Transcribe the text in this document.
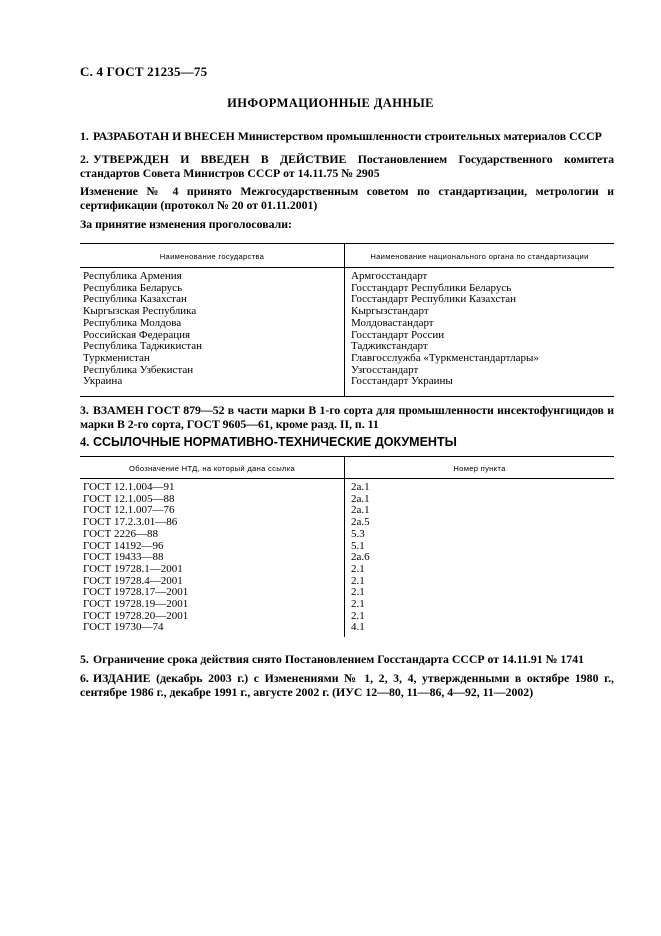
С. 4 ГОСТ 21235—75
ИНФОРМАЦИОННЫЕ ДАННЫЕ
1. РАЗРАБОТАН И ВНЕСЕН Министерством промышленности строительных материалов СССР
2. УТВЕРЖДЕН И ВВЕДЕН В ДЕЙСТВИЕ Постановлением Государственного комитета стандартов Совета Министров СССР от 14.11.75 № 2905
Изменение № 4 принято Межгосударственным советом по стандартизации, метрологии и сертификации (протокол № 20 от 01.11.2001)
За принятие изменения проголосовали:
Наименование государства	Наименование национального органа по стандартизации
Республика Армения
Республика Беларусь
Республика Казахстан
Кыргызская Республика
Республика Молдова
Российская Федерация
Республика Таджикистан
Туркменистан
Республика Узбекистан
Украина
Армгосстандарт
Госстандарт Республики Беларусь
Госстандарт Республики Казахстан
Кыргызстандарт
Молдовастандарт
Госстандарт России
Таджикстандарт
Главгосслужба «Туркменстандартлары»
Узгосстандарт
Госстандарт Украины
3. ВЗАМЕН ГОСТ 879—52 в части марки В 1-го сорта для промышленности инсектофунгицидов и марки В 2-го сорта, ГОСТ 9605—61, кроме разд. II, п. 11
4. ССЫЛОЧНЫЕ НОРМАТИВНО-ТЕХНИЧЕСКИЕ ДОКУМЕНТЫ
Обозначение НТД, на который дана ссылка	Номер пункта
ГОСТ 12.1.004—91
ГОСТ 12.1.005—88
ГОСТ 12.1.007—76
ГОСТ 17.2.3.01—86
ГОСТ 2226—88
ГОСТ 14192—96
ГОСТ 19433—88
ГОСТ 19728.1—2001
ГОСТ 19728.4—2001
ГОСТ 19728.17—2001
ГОСТ 19728.19—2001
ГОСТ 19728.20—2001
ГОСТ 19730—74
2а.1
2а.1
2а.1
2а.5
5.3
5.1
2а.6
2.1
2.1
2.1
2.1
2.1
4.1
5. Ограничение срока действия снято Постановлением Госстандарта СССР от 14.11.91 № 1741
6. ИЗДАНИЕ (декабрь 2003 г.) с Изменениями № 1, 2, 3, 4, утвержденными в октябре 1980 г., сентябре 1986 г., декабре 1991 г., августе 2002 г. (ИУС 12—80, 11—86, 4—92, 11—2002)
